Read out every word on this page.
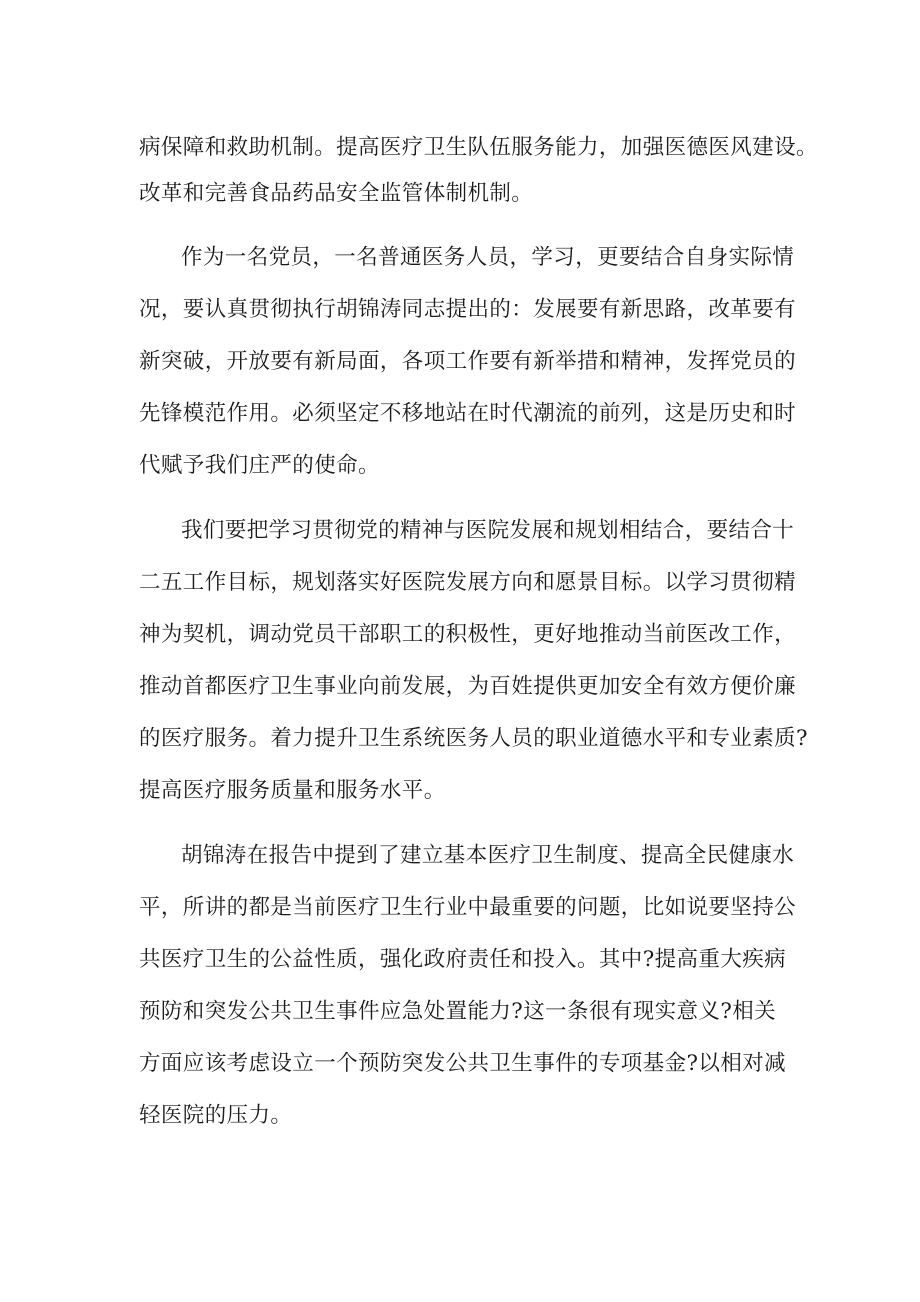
病保障和救助机制。提高医疗卫生队伍服务能力，加强医德医风建设。
改革和完善食品药品安全监管体制机制。
作为一名党员，一名普通医务人员，学习，更要结合自身实际情
况，要认真贯彻执行胡锦涛同志提出的：发展要有新思路，改革要有
新突破，开放要有新局面，各项工作要有新举措和精神，发挥党员的
先锋模范作用。必须坚定不移地站在时代潮流的前列，这是历史和时
代赋予我们庄严的使命。
我们要把学习贯彻党的精神与医院发展和规划相结合，要结合十
二五工作目标，规划落实好医院发展方向和愿景目标。以学习贯彻精
神为契机，调动党员干部职工的积极性，更好地推动当前医改工作，
推动首都医疗卫生事业向前发展，为百姓提供更加安全有效方便价廉
的医疗服务。着力提升卫生系统医务人员的职业道德水平和专业素质?
提高医疗服务质量和服务水平。
胡锦涛在报告中提到了建立基本医疗卫生制度、提高全民健康水
平，所讲的都是当前医疗卫生行业中最重要的问题，比如说要坚持公
共医疗卫生的公益性质，强化政府责任和投入。其中?提高重大疾病
预防和突发公共卫生事件应急处置能力?这一条很有现实意义?相关
方面应该考虑设立一个预防突发公共卫生事件的专项基金?以相对减
轻医院的压力。
